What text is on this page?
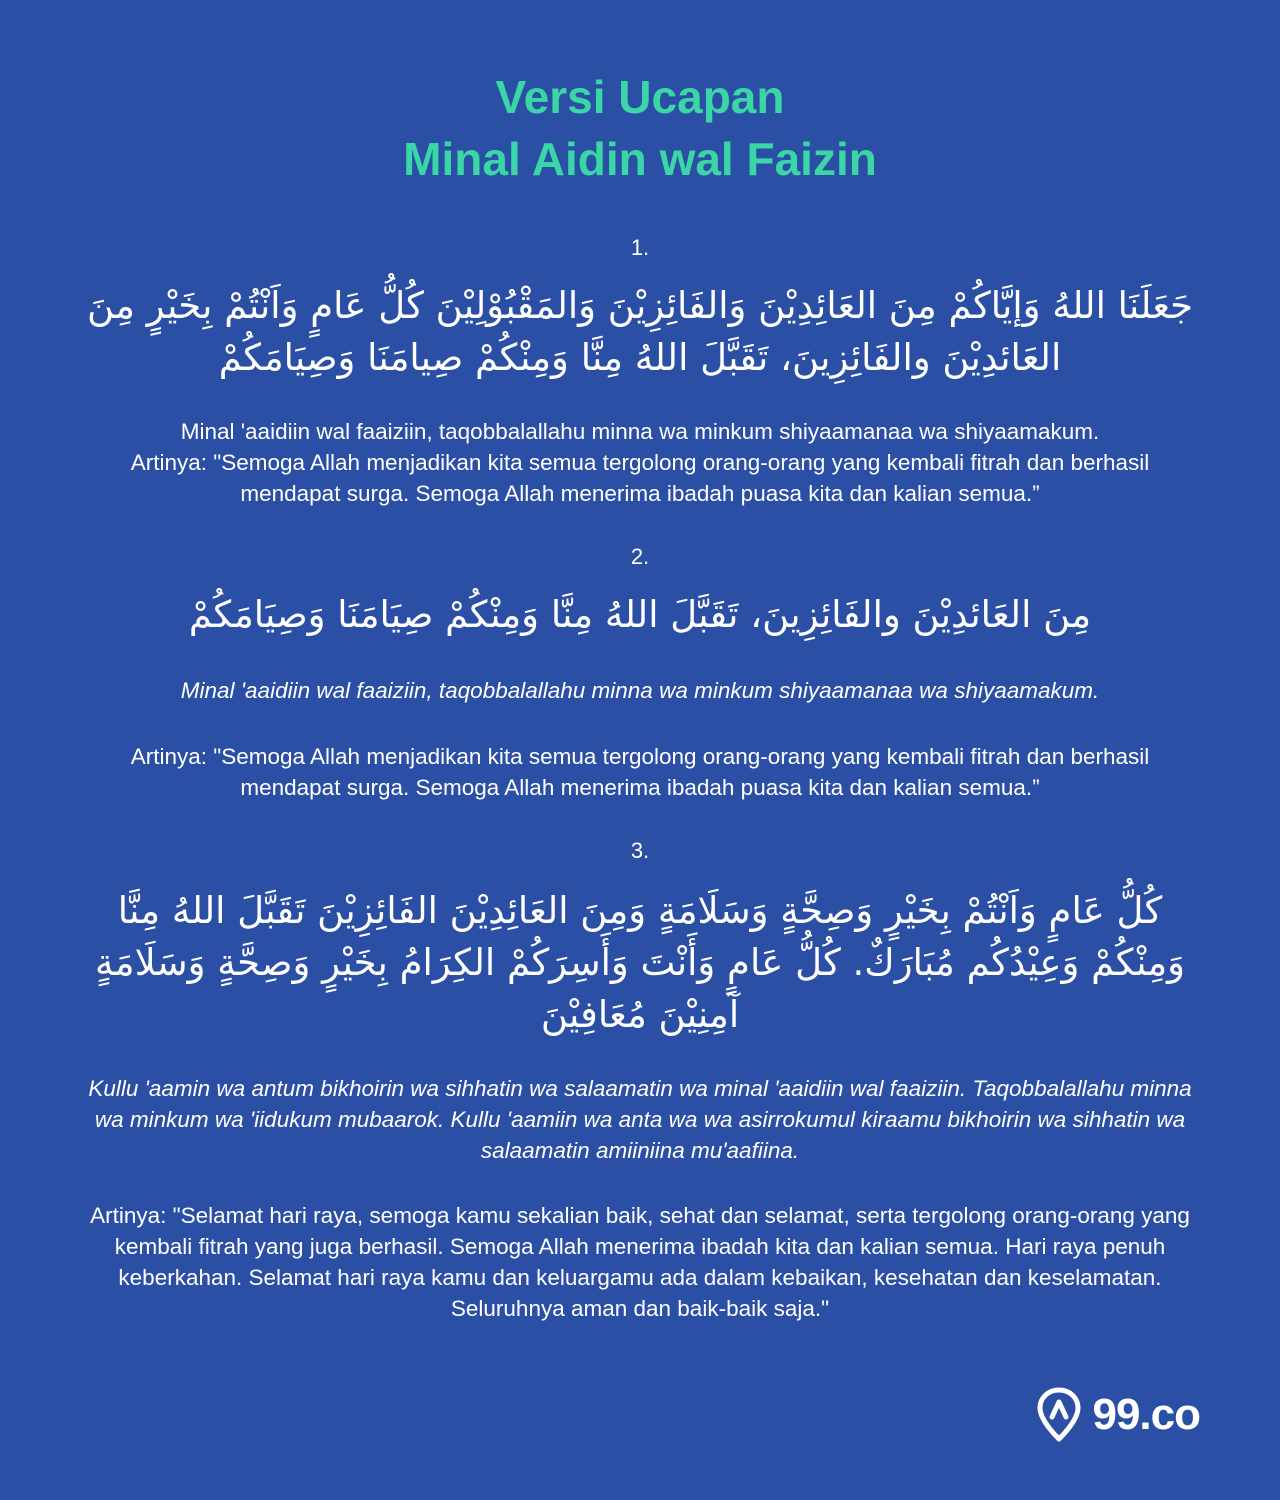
Versi Ucapan

Minal Aidin wal Faizin

1.

جَعَلَنَا اللهُ وَإيَّاكُمْ مِنَ العَائِدِيْنَ وَالفَائِزِيْنَ وَالمَقْبُوْلِيْنَ كُلُّ عَامٍ وَاَنْتُمْ بِخَيْرٍ مِنَ العَائدِيْنَ والفَائِزِينَ، تَقَبَّلَ اللهُ مِنَّا وَمِنْكُمْ صِيامَنَا وَصِيَامَكُمْ

Minal 'aaidiin wal faaiziin, taqobbalallahu minna wa minkum shiyaamanaa wa shiyaamakum.

Artinya: "Semoga Allah menjadikan kita semua tergolong orang-orang yang kembali fitrah dan berhasil mendapat surga. Semoga Allah menerima ibadah puasa kita dan kalian semua.”

2.

مِنَ العَائدِيْنَ والفَائِزِينَ، تَقَبَّلَ اللهُ مِنَّا وَمِنْكُمْ صِيَامَنَا وَصِيَامَكُمْ

Minal 'aaidiin wal faaiziin, taqobbalallahu minna wa minkum shiyaamanaa wa shiyaamakum.

Artinya: "Semoga Allah menjadikan kita semua tergolong orang-orang yang kembali fitrah dan berhasil mendapat surga. Semoga Allah menerima ibadah puasa kita dan kalian semua.”

3.

كُلُّ عَامٍ وَاَنْتُمْ بِخَيْرٍ وَصِحَّةٍ وَسَلَامَةٍ وَمِنَ العَائِدِيْنَ الفَائِزِيْنَ تَقَبَّلَ اللهُ مِنَّا وَمِنْكُمْ وَعِيْدُكُم مُبَارَكٌ. كُلُّ عَامٍ وَأَنْتَ وَأَسِرَكُمْ الكِرَامُ بِخَيْرٍ وَصِحَّةٍ وَسَلَامَةٍ آمِنِيْنَ مُعَافِيْنَ

Kullu 'aamin wa antum bikhoirin wa sihhatin wa salaamatin wa minal 'aaidiin wal faaiziin. Taqobbalallahu minna wa minkum wa 'iidukum mubaarok. Kullu 'aamiin wa anta wa wa asirrokumul kiraamu bikhoirin wa sihhatin wa salaamatin amiiniina mu'aafiina.

Artinya: "Selamat hari raya, semoga kamu sekalian baik, sehat dan selamat, serta tergolong orang-orang yang kembali fitrah yang juga berhasil. Semoga Allah menerima ibadah kita dan kalian semua. Hari raya penuh keberkahan. Selamat hari raya kamu dan keluargamu ada dalam kebaikan, kesehatan dan keselamatan. Seluruhnya aman dan baik-baik saja."

99.co
